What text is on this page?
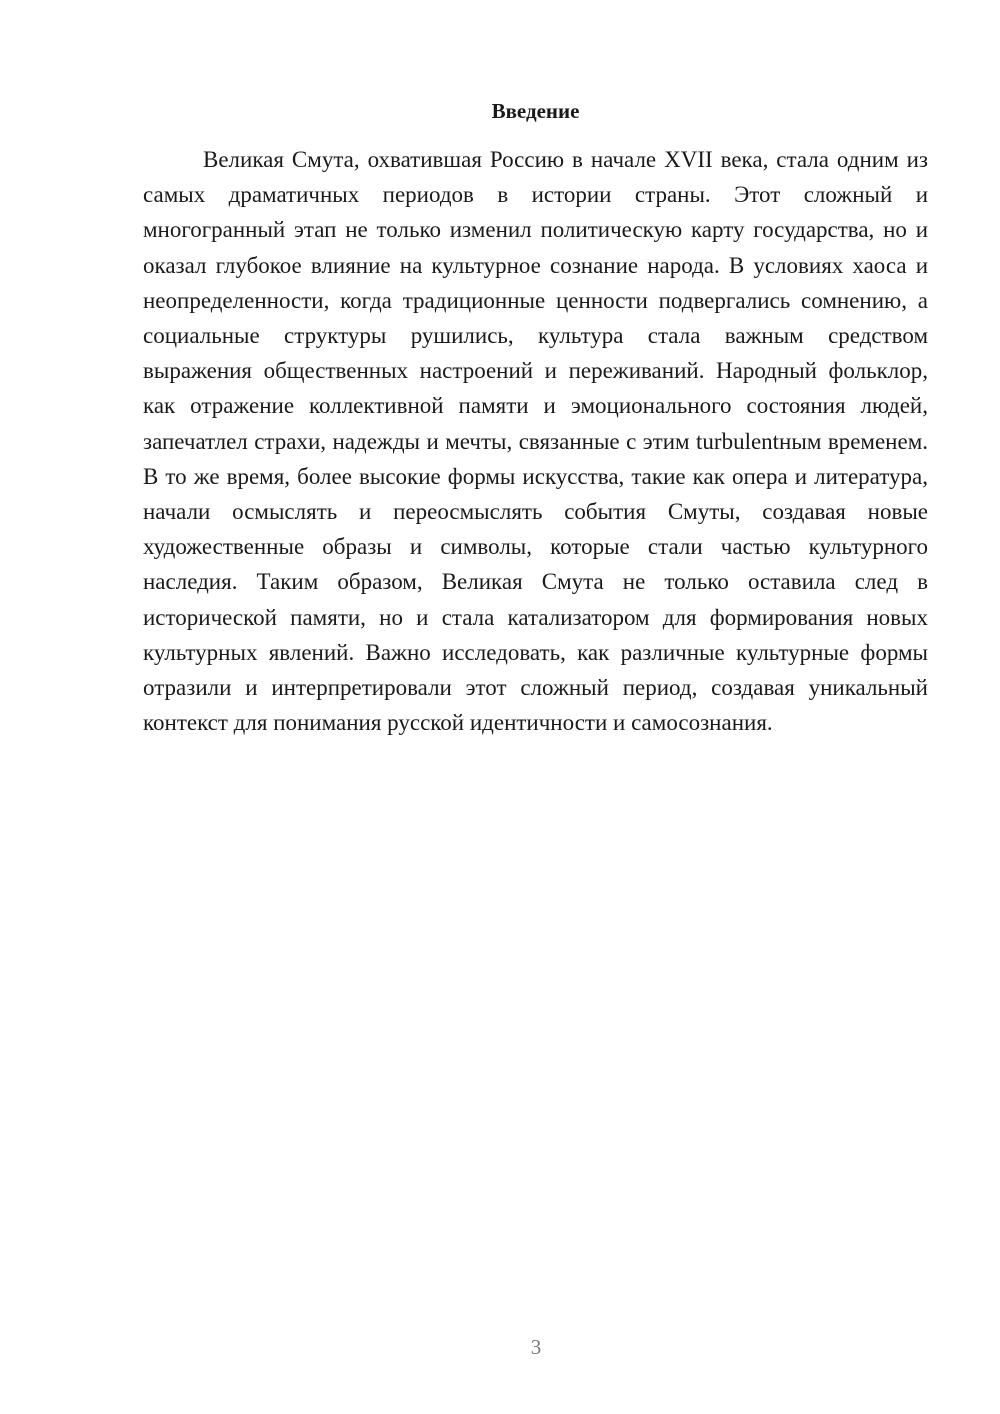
Введение

Великая Смута, охватившая Россию в начале XVII века, стала одним из самых драматичных периодов в истории страны. Этот сложный и многогранный этап не только изменил политическую карту государства, но и оказал глубокое влияние на культурное сознание народа. В условиях хаоса и неопределенности, когда традиционные ценности подвергались сомнению, а социальные структуры рушились, культура стала важным средством выражения общественных настроений и переживаний. Народный фольклор, как отражение коллективной памяти и эмоционального состояния людей, запечатлел страхи, надежды и мечты, связанные с этим turbulentным временем. В то же время, более высокие формы искусства, такие как опера и литература, начали осмыслять и переосмыслять события Смуты, создавая новые художественные образы и символы, которые стали частью культурного наследия. Таким образом, Великая Смута не только оставила след в исторической памяти, но и стала катализатором для формирования новых культурных явлений. Важно исследовать, как различные культурные формы отразили и интерпретировали этот сложный период, создавая уникальный контекст для понимания русской идентичности и самосознания.

3
